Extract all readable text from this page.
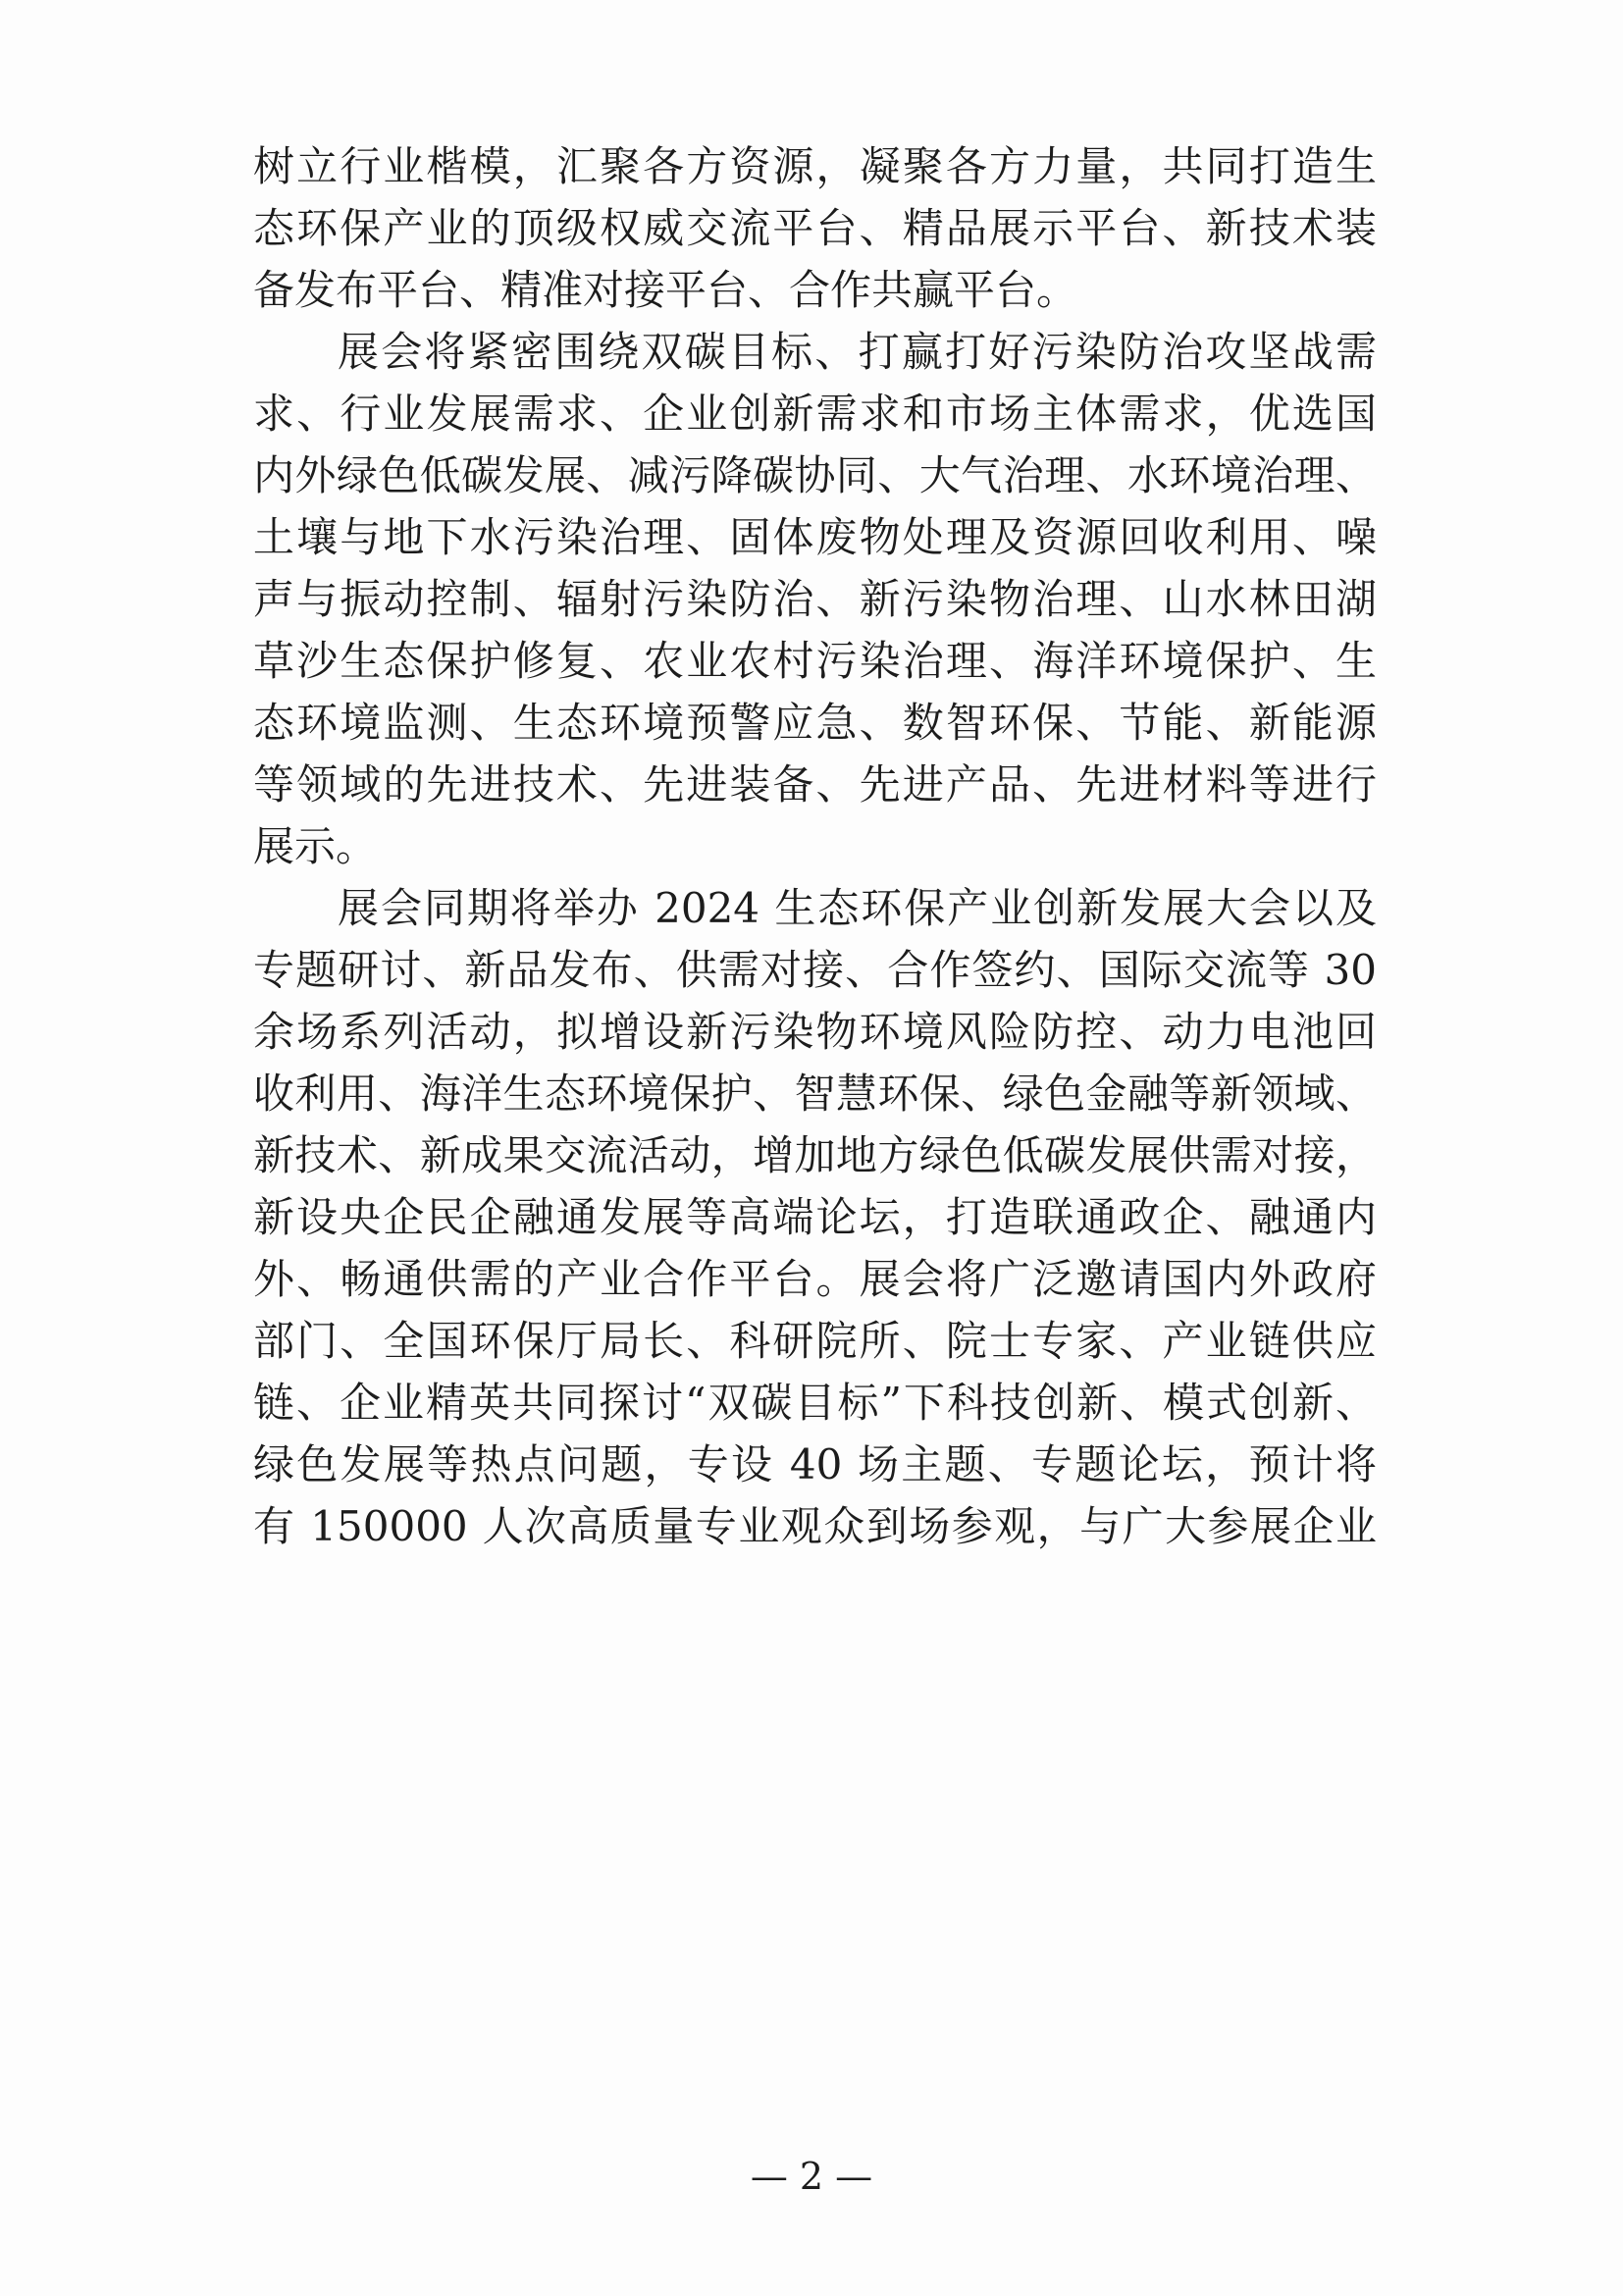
树立行业楷模，汇聚各方资源，凝聚各方力量，共同打造生
态环保产业的顶级权威交流平台、精品展示平台、新技术装
备发布平台、精准对接平台、合作共赢平台。
展会将紧密围绕双碳目标、打赢打好污染防治攻坚战需
求、行业发展需求、企业创新需求和市场主体需求，优选国
内外绿色低碳发展、减污降碳协同、大气治理、水环境治理、
土壤与地下水污染治理、固体废物处理及资源回收利用、噪
声与振动控制、辐射污染防治、新污染物治理、山水林田湖
草沙生态保护修复、农业农村污染治理、海洋环境保护、生
态环境监测、生态环境预警应急、数智环保、节能、新能源
等领域的先进技术、先进装备、先进产品、先进材料等进行
展示。
展会同期将举办 2024 生态环保产业创新发展大会以及
专题研讨、新品发布、供需对接、合作签约、国际交流等 30
余场系列活动，拟增设新污染物环境风险防控、动力电池回
收利用、海洋生态环境保护、智慧环保、绿色金融等新领域、
新技术、新成果交流活动，增加地方绿色低碳发展供需对接，
新设央企民企融通发展等高端论坛，打造联通政企、融通内
外、畅通供需的产业合作平台。展会将广泛邀请国内外政府
部门、全国环保厅局长、科研院所、院士专家、产业链供应
链、企业精英共同探讨“双碳目标”下科技创新、模式创新、
绿色发展等热点问题，专设 40 场主题、专题论坛，预计将
有 150000 人次高质量专业观众到场参观，与广大参展企业
— 2 —
